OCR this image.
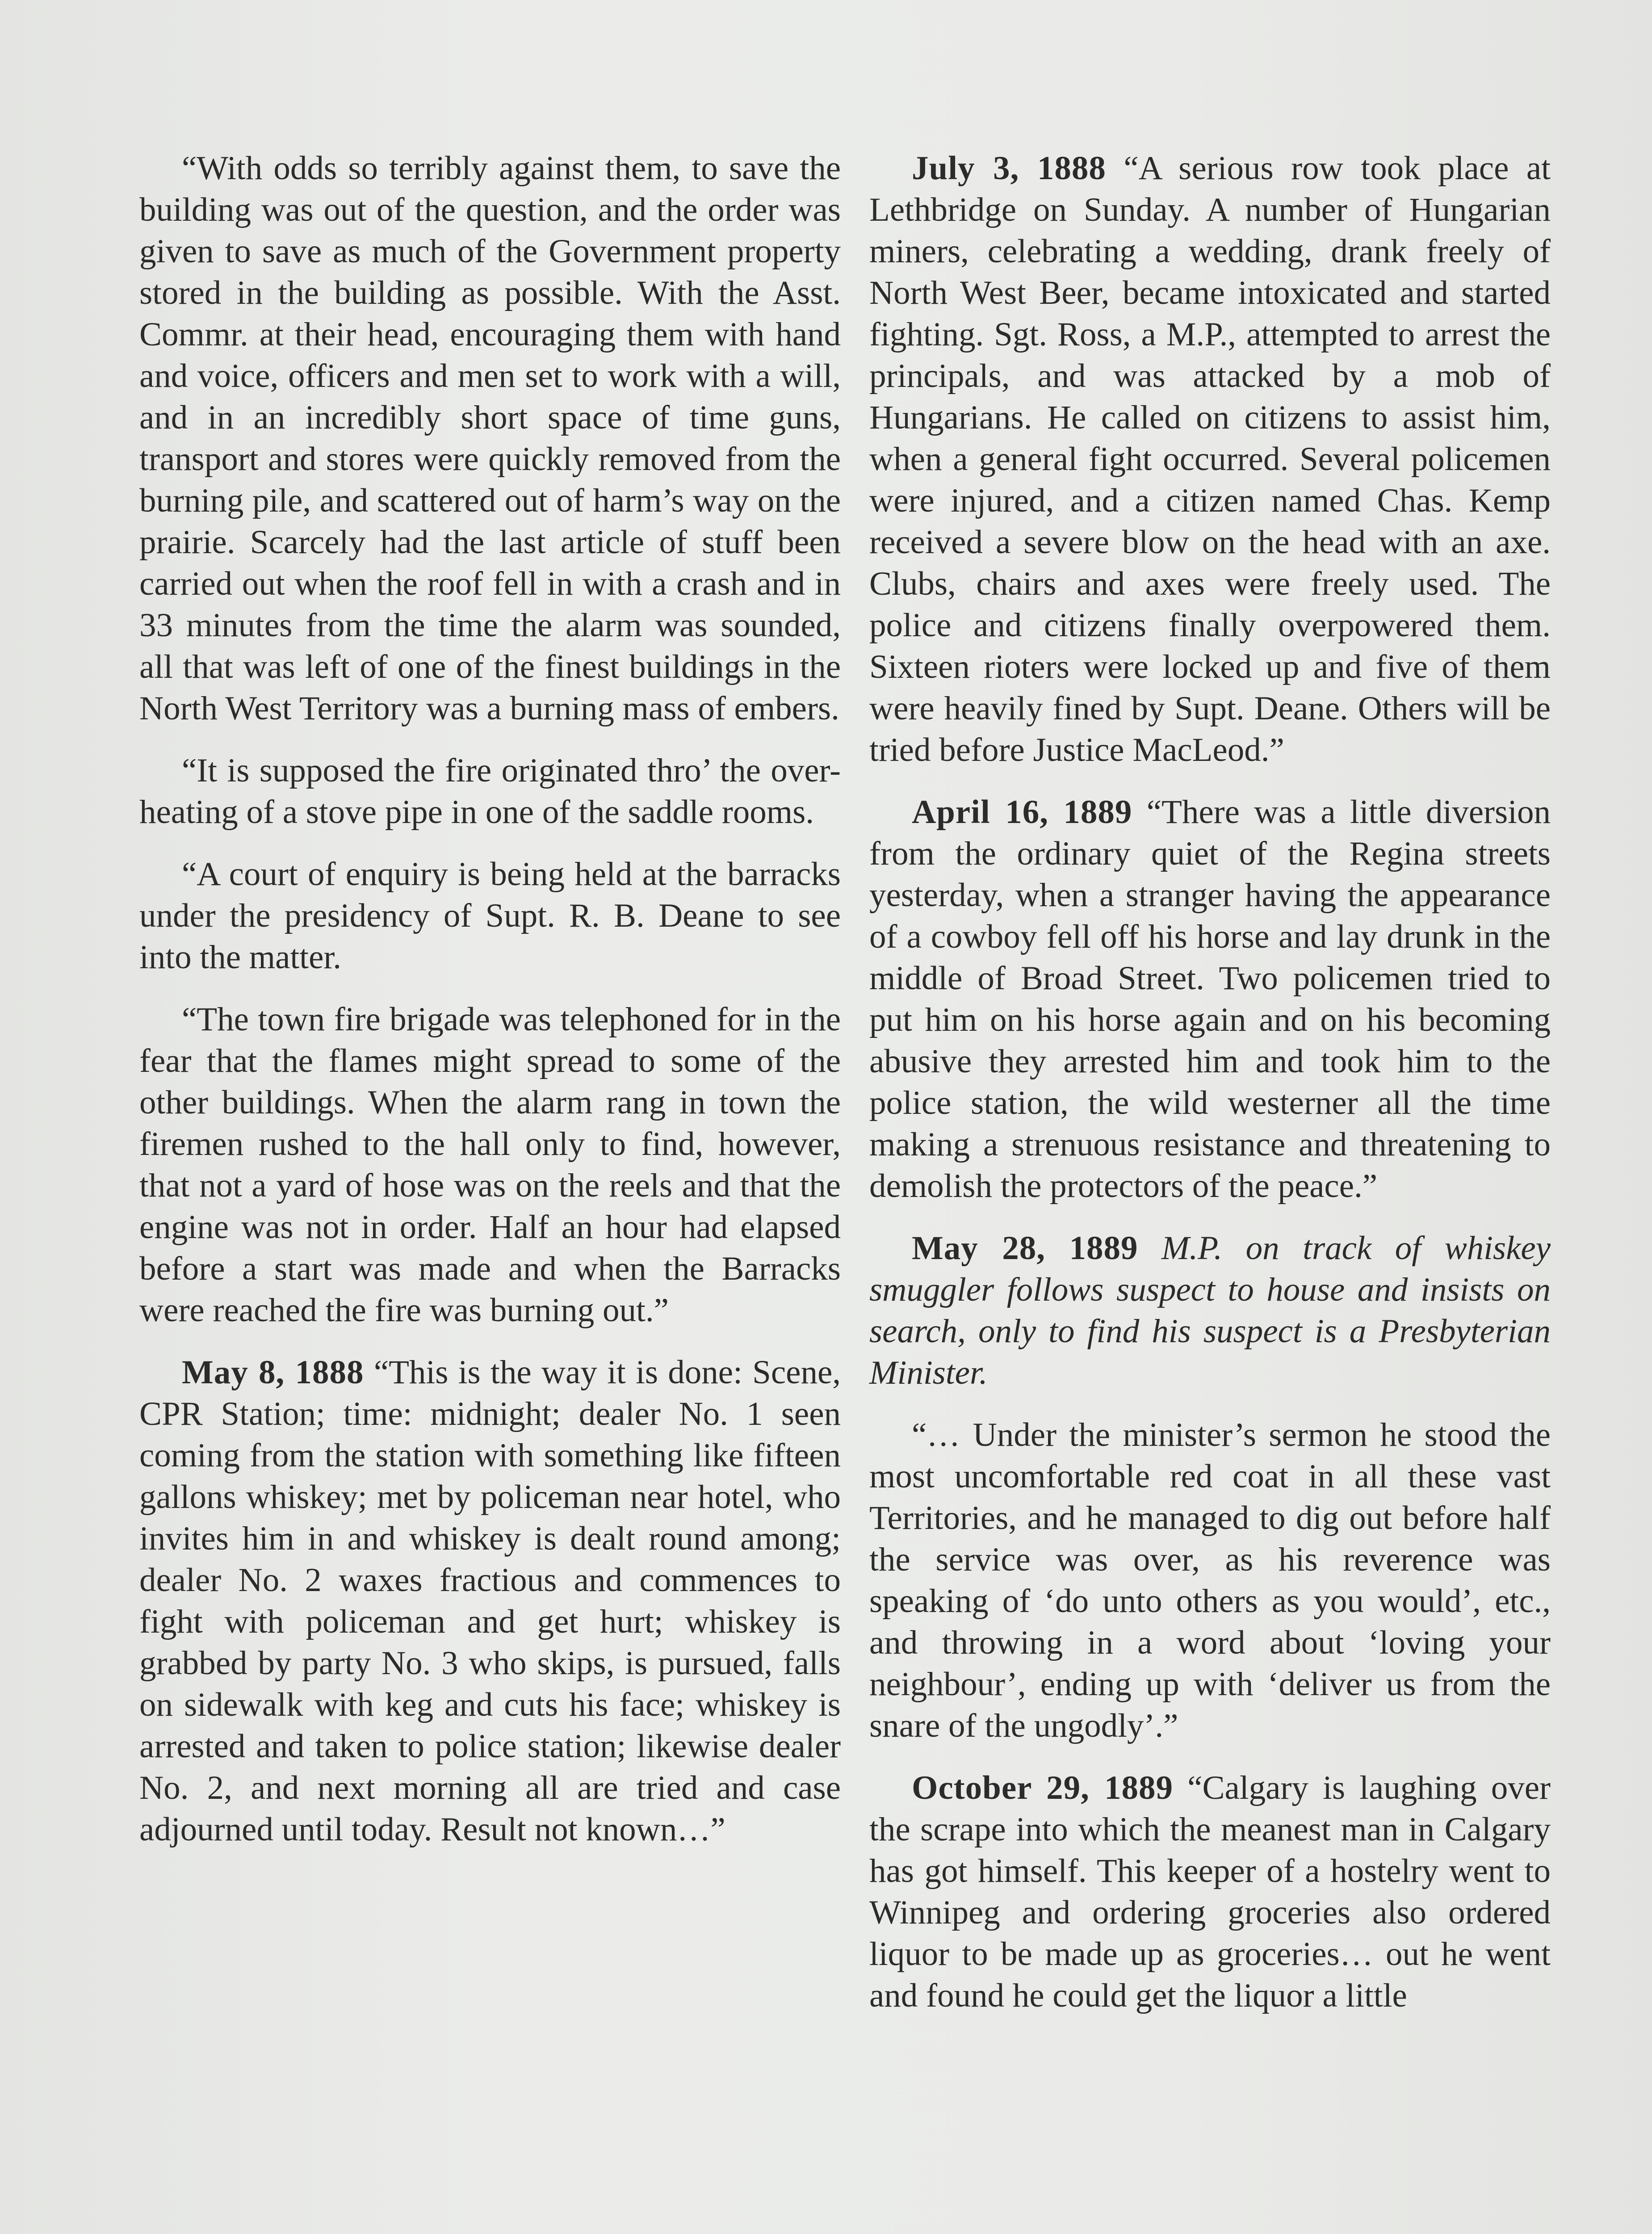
“With odds so terribly against them, to save the building was out of the question, and the order was given to save as much of the Government property stored in the building as possible. With the Asst. Commr. at their head, encouraging them with hand and voice, officers and men set to work with a will, and in an incredibly short space of time guns, transport and stores were quickly removed from the burning pile, and scattered out of harm’s way on the prairie. Scarcely had the last article of stuff been carried out when the roof fell in with a crash and in 33 minutes from the time the alarm was sounded, all that was left of one of the finest buildings in the North West Territory was a burning mass of embers.

“It is supposed the fire originated thro’ the over-heating of a stove pipe in one of the saddle rooms.

“A court of enquiry is being held at the barracks under the presidency of Supt. R. B. Deane to see into the matter.

“The town fire brigade was telephoned for in the fear that the flames might spread to some of the other buildings. When the alarm rang in town the firemen rushed to the hall only to find, however, that not a yard of hose was on the reels and that the engine was not in order. Half an hour had elapsed before a start was made and when the Barracks were reached the fire was burning out.”

May 8, 1888 “This is the way it is done: Scene, CPR Station; time: midnight; dealer No. 1 seen coming from the station with something like fifteen gallons whiskey; met by policeman near hotel, who invites him in and whiskey is dealt round among; dealer No. 2 waxes fractious and commences to fight with policeman and get hurt; whiskey is grabbed by party No. 3 who skips, is pursued, falls on sidewalk with keg and cuts his face; whiskey is arrested and taken to police station; likewise dealer No. 2, and next morning all are tried and case adjourned until today. Result not known…”

July 3, 1888 “A serious row took place at Lethbridge on Sunday. A number of Hungarian miners, celebrating a wedding, drank freely of North West Beer, became intoxicated and started fighting. Sgt. Ross, a M.P., attempted to arrest the principals, and was attacked by a mob of Hungarians. He called on citizens to assist him, when a general fight occurred. Several policemen were injured, and a citizen named Chas. Kemp received a severe blow on the head with an axe. Clubs, chairs and axes were freely used. The police and citizens finally overpowered them. Sixteen rioters were locked up and five of them were heavily fined by Supt. Deane. Others will be tried before Justice MacLeod.”

April 16, 1889 “There was a little diversion from the ordinary quiet of the Regina streets yesterday, when a stranger having the appearance of a cowboy fell off his horse and lay drunk in the middle of Broad Street. Two policemen tried to put him on his horse again and on his becoming abusive they arrested him and took him to the police station, the wild westerner all the time making a strenuous resistance and threatening to demolish the protectors of the peace.”

May 28, 1889 M.P. on track of whiskey smuggler follows suspect to house and insists on search, only to find his suspect is a Presbyterian Minister.

“… Under the minister’s sermon he stood the most uncomfortable red coat in all these vast Territories, and he managed to dig out before half the service was over, as his reverence was speaking of ‘do unto others as you would’, etc., and throwing in a word about ‘loving your neighbour’, ending up with ‘deliver us from the snare of the ungodly’.”

October 29, 1889 “Calgary is laughing over the scrape into which the meanest man in Calgary has got himself. This keeper of a hostelry went to Winnipeg and ordering groceries also ordered liquor to be made up as groceries… out he went and found he could get the liquor a little
